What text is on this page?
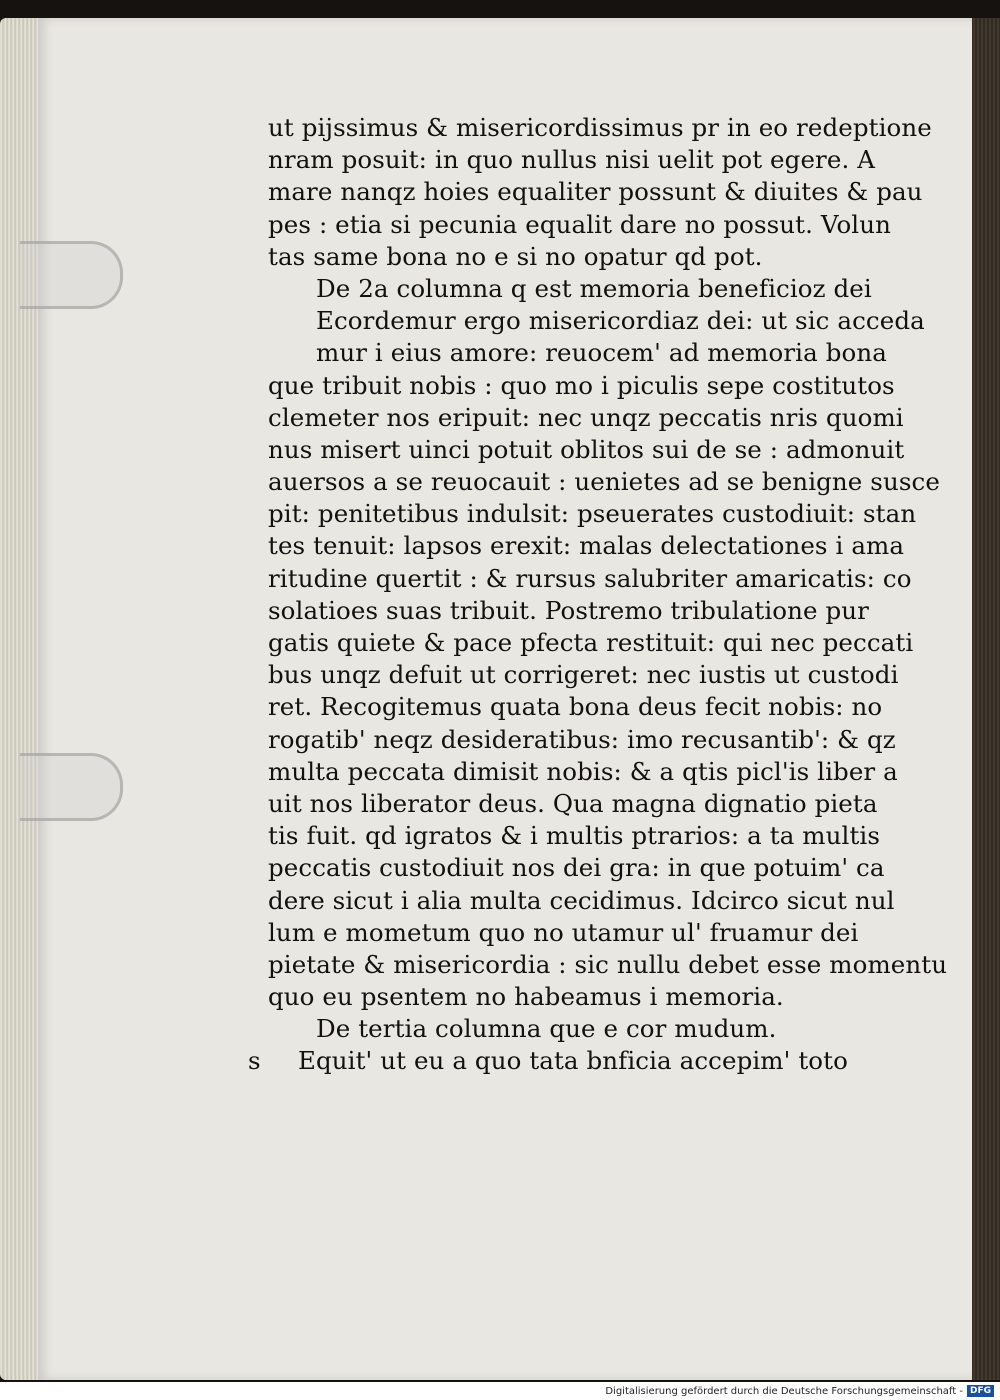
ut pijssimus & misericordissimus pr in eo redeptione
nram posuit: in quo nullus nisi uelit pot egere. A
mare nanqz hoies equaliter possunt & diuites & pau
pes : etia si pecunia equalit dare no possut. Volun
tas same bona no e si no opatur qd pot.
De 2a columna q est memoria beneficioz dei
Ecordemur ergo misericordiaz dei: ut sic acceda
mur i eius amore: reuocem' ad memoria bona
que tribuit nobis : quo mo i piculis sepe costitutos
clemeter nos eripuit: nec unqz peccatis nris quomi
nus misert uinci potuit oblitos sui de se : admonuit
auersos a se reuocauit : uenietes ad se benigne susce
pit: penitetibus indulsit: pseuerates custodiuit: stan
tes tenuit: lapsos erexit: malas delectationes i ama
ritudine quertit : & rursus salubriter amaricatis: co
solatioes suas tribuit. Postremo tribulatione pur
gatis quiete & pace pfecta restituit: qui nec peccati
bus unqz defuit ut corrigeret: nec iustis ut custodi
ret. Recogitemus quata bona deus fecit nobis: no
rogatib' neqz desideratibus: imo recusantib': & qz
multa peccata dimisit nobis: & a qtis picl'is liber a
uit nos liberator deus. Qua magna dignatio pieta
tis fuit. qd igratos & i multis ptrarios: a ta multis
peccatis custodiuit nos dei gra: in que potuim' ca
dere sicut i alia multa cecidimus. Idcirco sicut nul
lum e mometum quo no utamur ul' fruamur dei
pietate & misericordia : sic nullu debet esse momentu
quo eu psentem no habeamus i memoria.
De tertia columna que e cor mudum.
s Equit' ut eu a quo tata bnficia accepim' toto
Digitalisierung gefördert durch die Deutsche Forschungsgemeinschaft - DFG
